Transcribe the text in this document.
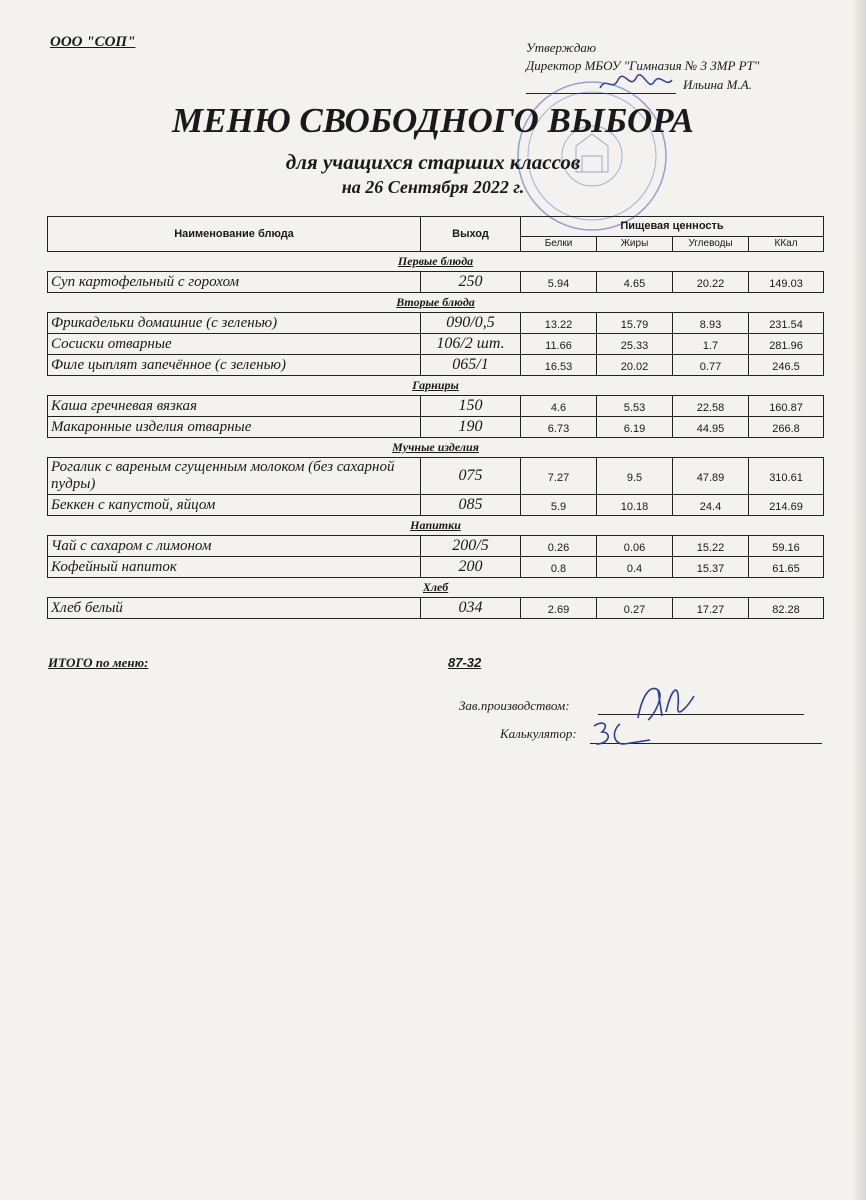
ООО "СОП"	Утверждаю
Директор МБОУ "Гимназия № 3 ЗМР РТ"
Ильина М.А.
МЕНЮ СВОБОДНОГО ВЫБОРА
для учащихся старших классов
на 26 Сентября 2022 г.
Наименование блюда	Выход	Пищевая ценность			
		Белки	Жиры	Углеводы	ККал
Первые блюда					
Суп картофельный с горохом	250	5.94	4.65	20.22	149.03
Вторые блюда					
Фрикадельки домашние (с зеленью)	090/0,5	13.22	15.79	8.93	231.54
Сосиски отварные	106/2 шт.	11.66	25.33	1.7	281.96
Филе цыплят запечённое (с зеленью)	065/1	16.53	20.02	0.77	246.5
Гарниры					
Каша гречневая вязкая	150	4.6	5.53	22.58	160.87
Макаронные изделия отварные	190	6.73	6.19	44.95	266.8
Мучные изделия					
Рогалик с вареным сгущенным молоком (без сахарной пудры)	075	7.27	9.5	47.89	310.61
Беккен с капустой, яйцом	085	5.9	10.18	24.4	214.69
Напитки					
Чай с сахаром с лимоном	200/5	0.26	0.06	15.22	59.16
Кофейный напиток	200	0.8	0.4	15.37	61.65
Хлеб					
Хлеб белый	034	2.69	0.27	17.27	82.28
ИТОГО по меню:	87-32
Зав.производством:
Калькулятор:
